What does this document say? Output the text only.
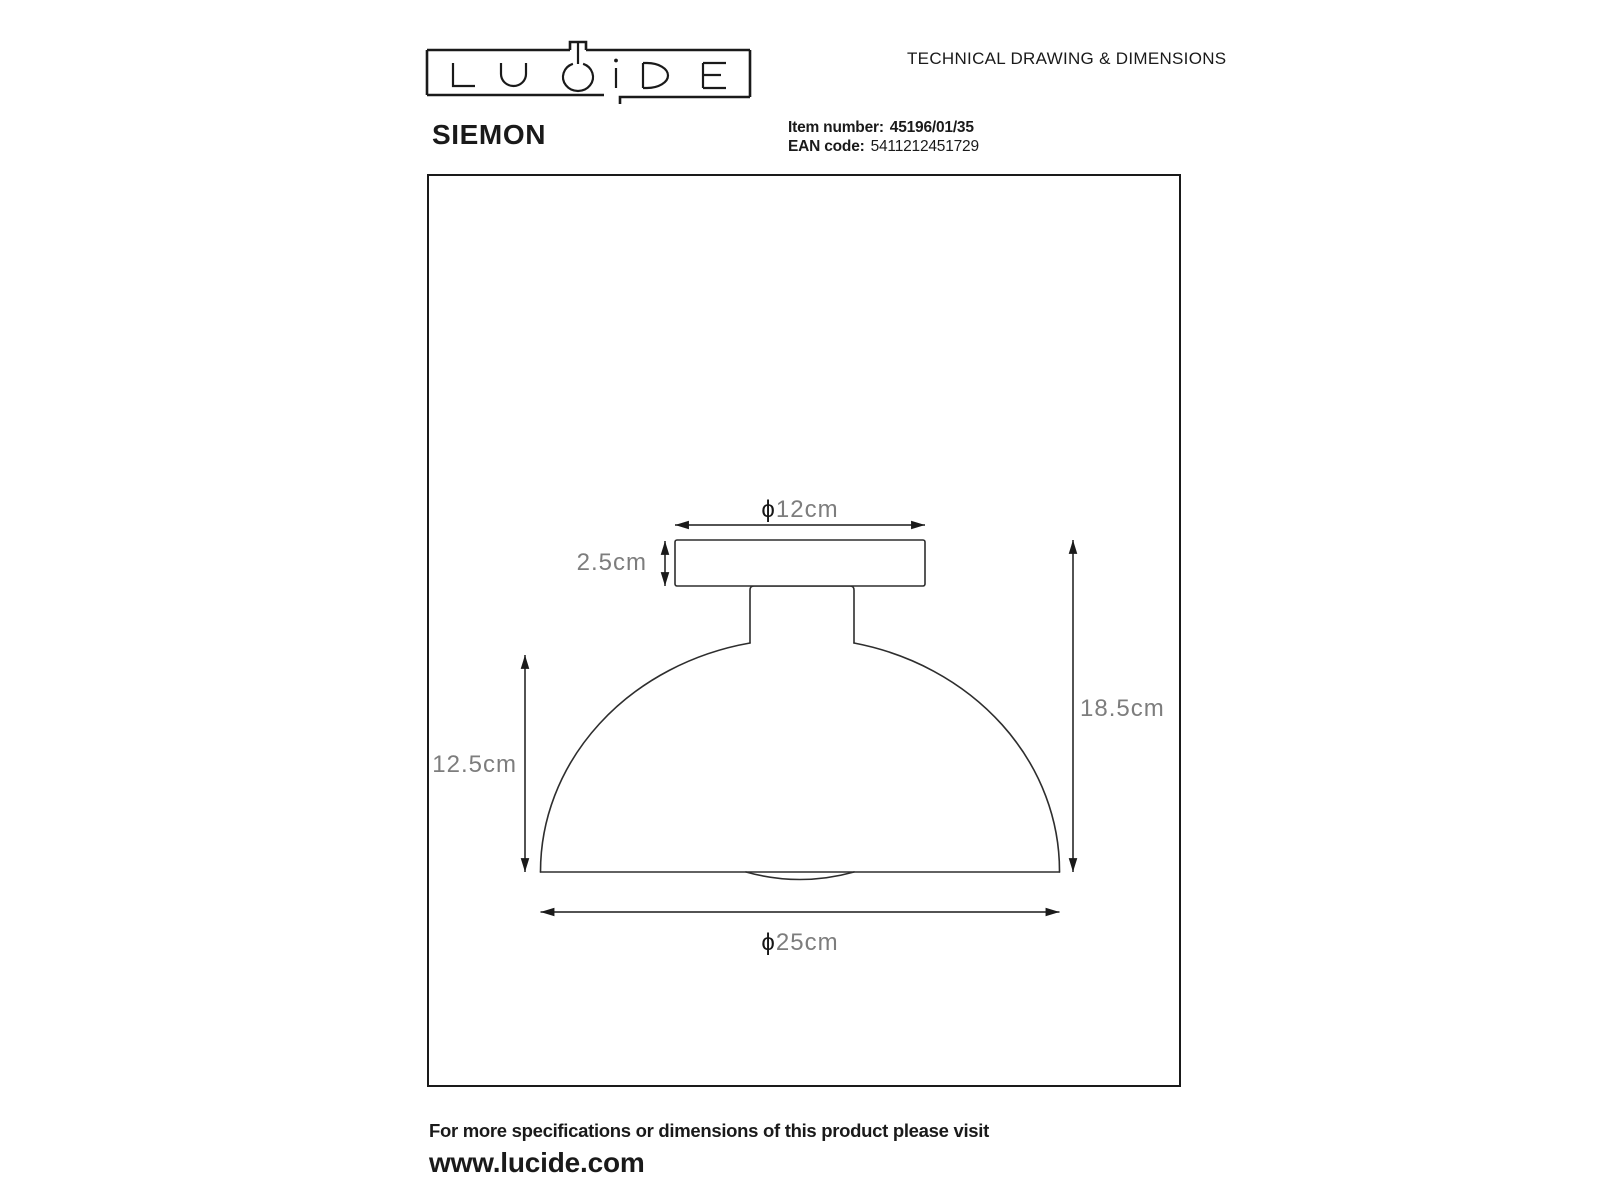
TECHNICAL DRAWING & DIMENSIONS
SIEMON	Item number: 45196/01/35
EAN code: 5411212451729
ϕ12cm
2.5cm
18.5cm
12.5cm
ϕ25cm
For more specifications or dimensions of this product please visit
www.lucide.com
